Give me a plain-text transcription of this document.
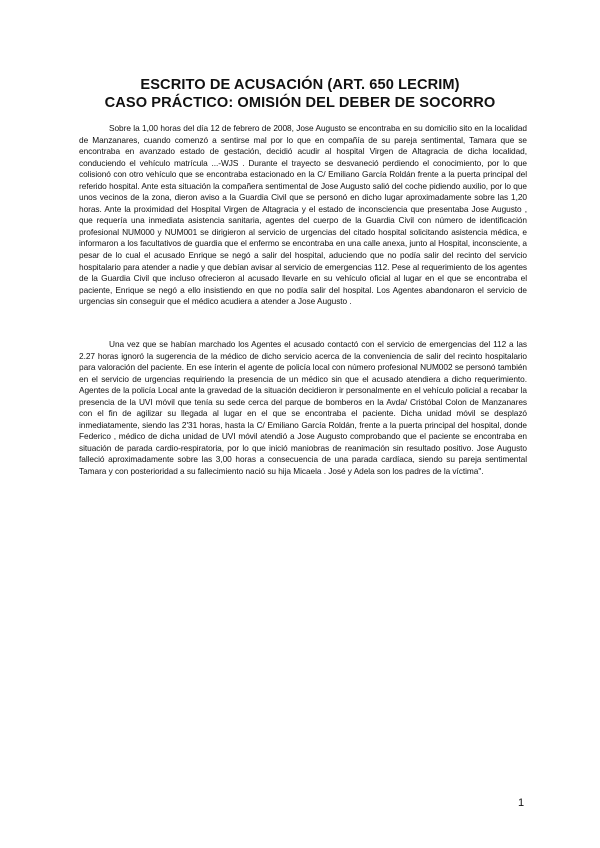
ESCRITO DE ACUSACIÓN (ART. 650 LECRIM)
CASO PRÁCTICO: OMISIÓN DEL DEBER DE SOCORRO

Sobre la 1,00 horas del día 12 de febrero de 2008, Jose Augusto se encontraba en su domicilio sito en la localidad de Manzanares, cuando comenzó a sentirse mal por lo que en compañía de su pareja sentimental, Tamara que se encontraba en avanzado estado de gestación, decidió acudir al hospital Virgen de Altagracia de dicha localidad, conduciendo el vehículo matrícula ...-WJS . Durante el trayecto se desvaneció perdiendo el conocimiento, por lo que colisionó con otro vehículo que se encontraba estacionado en la C/ Emiliano García Roldán frente a la puerta principal del referido hospital. Ante esta situación la compañera sentimental de Jose Augusto salió del coche pidiendo auxilio, por lo que unos vecinos de la zona, dieron aviso a la Guardia Civil que se personó en dicho lugar aproximadamente sobre las 1,20 horas. Ante la proximidad del Hospital Virgen de Altagracia y el estado de inconsciencia que presentaba Jose Augusto , que requería una inmediata asistencia sanitaria, agentes del cuerpo de la Guardia Civil con número de identificación profesional NUM000 y NUM001 se dirigieron al servicio de urgencias del citado hospital solicitando asistencia médica, e informaron a los facultativos de guardia que el enfermo se encontraba en una calle anexa, junto al Hospital, inconsciente, a pesar de lo cual el acusado Enrique se negó a salir del hospital, aduciendo que no podía salir del recinto del servicio hospitalario para atender a nadie y que debían avisar al servicio de emergencias 112. Pese al requerimiento de los agentes de la Guardia Civil que incluso ofrecieron al acusado llevarle en su vehículo oficial al lugar en el que se encontraba el paciente, Enrique se negó a ello insistiendo en que no podía salir del hospital. Los Agentes abandonaron el servicio de urgencias sin conseguir que el médico acudiera a atender a Jose Augusto .

Una vez que se habían marchado los Agentes el acusado contactó con el servicio de emergencias del 112 a las 2.27 horas ignoró la sugerencia de la médico de dicho servicio acerca de la conveniencia de salir del recinto hospitalario para valoración del paciente. En ese ínterin el agente de policía local con número profesional NUM002 se personó también en el servicio de urgencias requiriendo la presencia de un médico sin que el acusado atendiera a dicho requerimiento. Agentes de la policía Local ante la gravedad de la situación decidieron ir personalmente en el vehículo policial a recabar la presencia de la UVI móvil que tenía su sede cerca del parque de bomberos en la Avda/ Cristóbal Colon de Manzanares con el fin de agilizar su llegada al lugar en el que se encontraba el paciente. Dicha unidad móvil se desplazó inmediatamente, siendo las 2'31 horas, hasta la C/ Emiliano García Roldán, frente a la puerta principal del hospital, donde Federico , médico de dicha unidad de UVI móvil atendió a Jose Augusto comprobando que el paciente se encontraba en situación de parada cardio-respiratoria, por lo que inició maniobras de reanimación sin resultado positivo. Jose Augusto falleció aproximadamente sobre las 3,00 horas a consecuencia de una parada cardíaca, siendo su pareja sentimental Tamara y con posterioridad a su fallecimiento nació su hija Micaela . José y Adela son los padres de la víctima".

1
